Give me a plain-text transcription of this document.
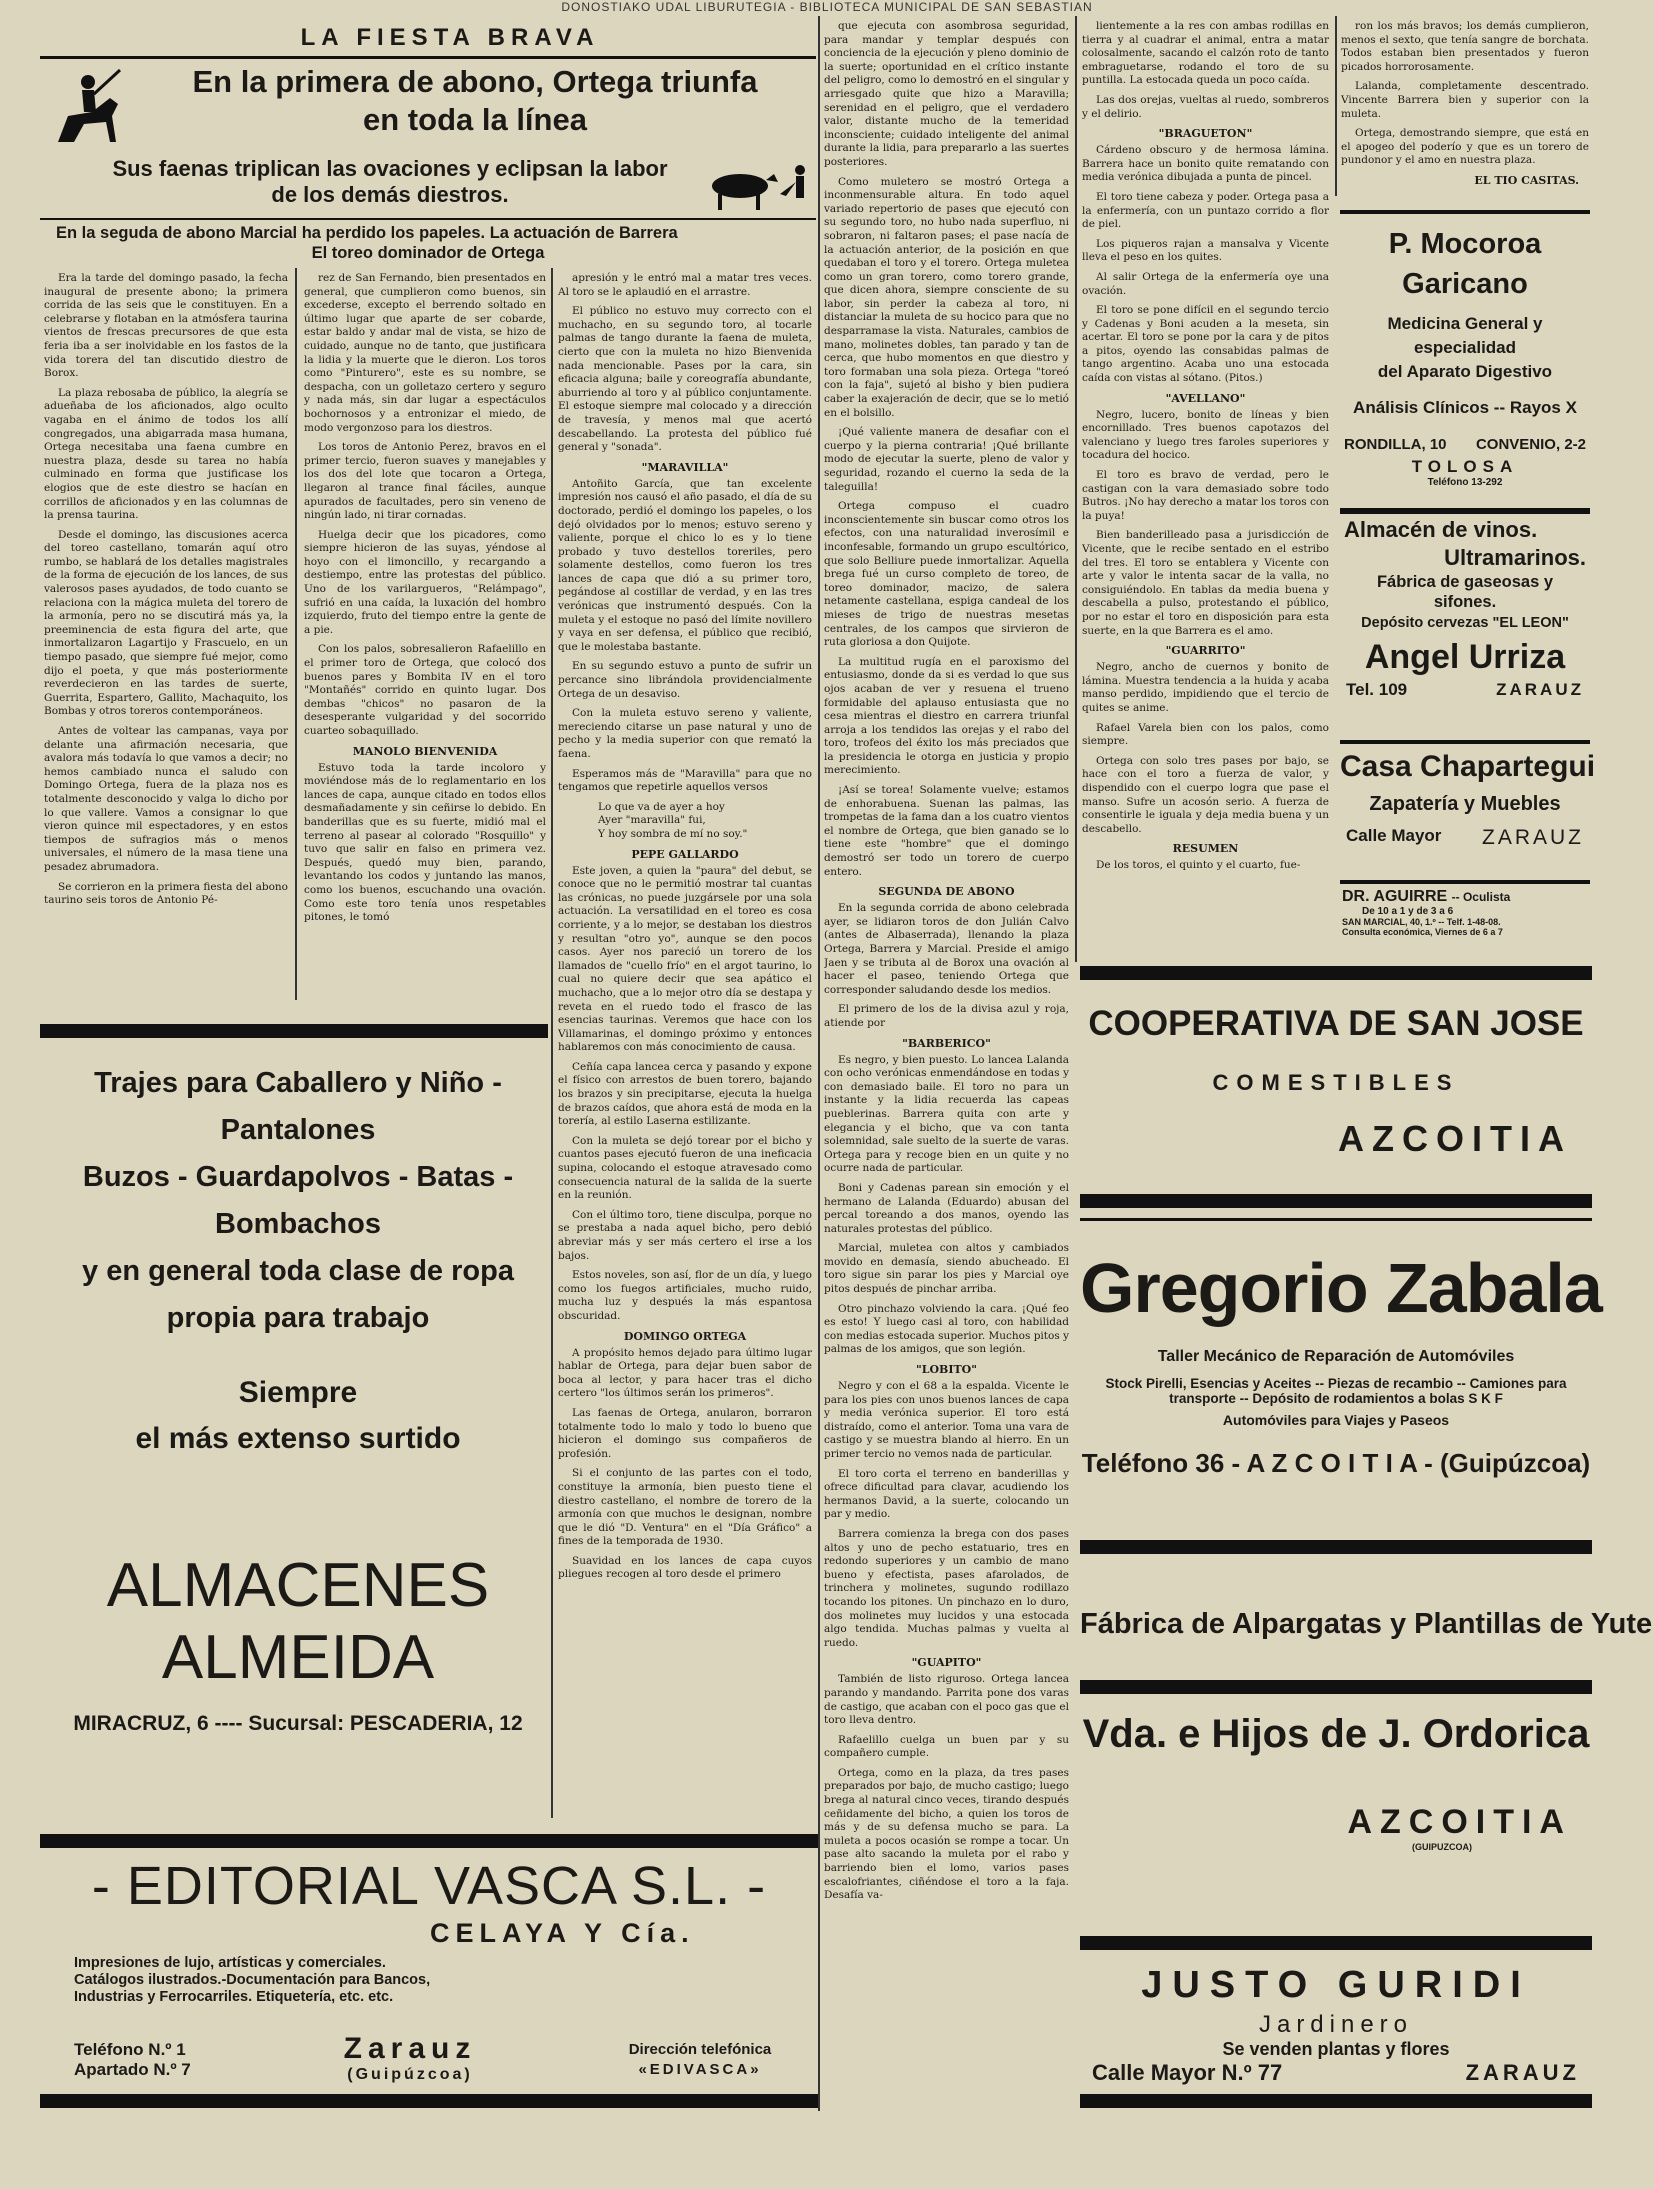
DONOSTIAKO UDAL LIBURUTEGIA - BIBLIOTECA MUNICIPAL DE SAN SEBASTIAN
LA FIESTA BRAVA
En la primera de abono, Ortega triunfa
en toda la línea
Sus faenas triplican las ovaciones y eclipsan la labor
de los demás diestros.
En la seguda de abono Marcial ha perdido los papeles. La actuación de Barrera
El toreo dominador de Ortega

Era la tarde del domingo pasado, la fecha inaugural de presente abono; la primera corrida de las seis que le constituyen. En a celebrarse y flotaban en la atmósfera taurina vientos de frescas precursores de que esta feria iba a ser inolvidable en los fastos de la vida torera del tan discutido diestro de Borox.

La plaza rebosaba de público, la alegría se adueñaba de los aficionados, algo oculto vagaba en el ánimo de todos los allí congregados, una abigarrada masa humana, Ortega necesitaba una faena cumbre en nuestra plaza, desde su tarea no había culminado en forma que justificase los elogios que de este diestro se hacían en corrillos de aficionados y en las columnas de la prensa taurina.

Desde el domingo, las discusiones acerca del toreo castellano, tomarán aquí otro rumbo, se hablará de los detalles magistrales de la forma de ejecución de los lances, de sus valerosos pases ayudados, de todo cuanto se relaciona con la mágica muleta del torero de la armonía, pero no se discutirá más ya, la preeminencia de esta figura del arte, que inmortalizaron Lagartijo y Frascuelo, en un tiempo pasado, que siempre fué mejor, como dijo el poeta, y que más posteriormente reverdecieron en las tardes de suerte, Guerrita, Espartero, Gallito, Machaquito, los Bombas y otros toreros contemporáneos.

Antes de voltear las campanas, vaya por delante una afirmación necesaria, que avalora más todavía lo que vamos a decir; no hemos cambiado nunca el saludo con Domingo Ortega, fuera de la plaza nos es totalmente desconocido y valga lo dicho por lo que vallere. Vamos a consignar lo que vieron quince mil espectadores, y en estos tiempos de sufragios más o menos universales, el número de la masa tiene una pesadez abrumadora.

Se corrieron en la primera fiesta del abono taurino seis toros de Antonio Pé-

rez de San Fernando, bien presentados en general, que cumplieron como buenos, sin excederse, excepto el berrendo soltado en último lugar que aparte de ser cobarde, estar baldo y andar mal de vista, se hizo de cuidado, aunque no de tanto, que justificara la lidia y la muerte que le dieron. Los toros como "Pinturero", este es su nombre, se despacha, con un golletazo certero y seguro y nada más, sin dar lugar a espectáculos bochornosos y a entronizar el miedo, de modo vergonzoso para los diestros.

Los toros de Antonio Perez, bravos en el primer tercio, fueron suaves y manejables y los dos del lote que tocaron a Ortega, llegaron al trance final fáciles, aunque apurados de facultades, pero sin veneno de ningún lado, ni tirar cornadas.

Huelga decir que los picadores, como siempre hicieron de las suyas, yéndose al hoyo con el limoncillo, y recargando a destiempo, entre las protestas del público. Uno de los varilargueros, "Relámpago", sufrió en una caída, la luxación del hombro izquierdo, fruto del tiempo entre la gente de a pie.

Con los palos, sobresalieron Rafaelillo en el primer toro de Ortega, que colocó dos buenos pares y Bombita IV en el toro "Montañés" corrido en quinto lugar. Dos dembas "chicos" no pasaron de la desesperante vulgaridad y del socorrido cuarteo sobaquillado.

MANOLO BIENVENIDA

Estuvo toda la tarde incoloro y moviéndose más de lo reglamentario en los lances de capa, aunque citado en todos ellos desmañadamente y sin ceñirse lo debido. En banderillas que es su fuerte, midió mal el terreno al pasear al colorado "Rosquillo" y tuvo que salir en falso en primera vez. Después, quedó muy bien, parando, levantando los codos y juntando las manos, como los buenos, escuchando una ovación. Como este toro tenía unos respetables pitones, le tomó

apresión y le entró mal a matar tres veces. Al toro se le aplaudió en el arrastre.

El público no estuvo muy correcto con el muchacho, en su segundo toro, al tocarle palmas de tango durante la faena de muleta, cierto que con la muleta no hizo Bienvenida nada mencionable. Pases por la cara, sin eficacia alguna; baile y coreografía abundante, aburriendo al toro y al público conjuntamente. El estoque siempre mal colocado y a dirección de travesía, y menos mal que acertó descabellando. La protesta del público fué general y "sonada".

"MARAVILLA"

Antoñito García, que tan excelente impresión nos causó el año pasado, el día de su doctorado, perdió el domingo los papeles, o los dejó olvidados por lo menos; estuvo sereno y valiente, porque el chico lo es y lo tiene probado y tuvo destellos toreriles, pero solamente destellos, como fueron los tres lances de capa que dió a su primer toro, pegándose al costillar de verdad, y en las tres verónicas que instrumentó después. Con la muleta y el estoque no pasó del límite novillero y vaya en ser defensa, el público que recibió, que le molestaba bastante.

En su segundo estuvo a punto de sufrir un percance sino librándola providencialmente Ortega de un desaviso.

Con la muleta estuvo sereno y valiente, mereciendo citarse un pase natural y uno de pecho y la media superior con que remató la faena.

Esperamos más de "Maravilla" para que no tengamos que repetirle aquellos versos

Lo que va de ayer a hoy

Ayer "maravilla" fui,

Y hoy sombra de mí no soy."

PEPE GALLARDO

Este joven, a quien la "paura" del debut, se conoce que no le permitió mostrar tal cuantas las crónicas, no puede juzgársele por una sola actuación. La versatilidad en el toreo es cosa corriente, y a lo mejor, se destaban los diestros y resultan "otro yo", aunque se den pocos casos. Ayer nos pareció un torero de los llamados de "cuello frío" en el argot taurino, lo cual no quiere decir que sea apático el muchacho, que a lo mejor otro día se destapa y reveta en el ruedo todo el frasco de las esencias taurinas. Veremos que hace con los Villamarinas, el domingo próximo y entonces hablaremos con más conocimiento de causa.

Ceñía capa lancea cerca y pasando y expone el físico con arrestos de buen torero, bajando los brazos y sin precipitarse, ejecuta la huelga de brazos caídos, que ahora está de moda en la torería, al estilo Laserna estilizante.

Con la muleta se dejó torear por el bicho y cuantos pases ejecutó fueron de una ineficacia supina, colocando el estoque atravesado como consecuencia natural de la salida de la suerte en la reunión.

Con el último toro, tiene disculpa, porque no se prestaba a nada aquel bicho, pero debió abreviar más y ser más certero el irse a los bajos.

Estos noveles, son así, flor de un día, y luego como los fuegos artificiales, mucho ruido, mucha luz y después la más espantosa obscuridad.

DOMINGO ORTEGA

A propósito hemos dejado para último lugar hablar de Ortega, para dejar buen sabor de boca al lector, y para hacer tras el dicho certero "los últimos serán los primeros".

Las faenas de Ortega, anularon, borraron totalmente todo lo malo y todo lo bueno que hicieron el domingo sus compañeros de profesión.

Si el conjunto de las partes con el todo, constituye la armonía, bien puesto tiene el diestro castellano, el nombre de torero de la armonía con que muchos le designan, nombre que le dió "D. Ventura" en el "Día Gráfico" a fines de la temporada de 1930.

Suavidad en los lances de capa cuyos pliegues recogen al toro desde el primero

que ejecuta con asombrosa seguridad, para mandar y templar después con conciencia de la ejecución y pleno dominio de la suerte; oportunidad en el crítico instante del peligro, como lo demostró en el singular y arriesgado quite que hizo a Maravilla; serenidad en el peligro, que el verdadero valor, distante mucho de la temeridad inconsciente; cuidado inteligente del animal durante la lidia, para prepararlo a las suertes posteriores.

Como muletero se mostró Ortega a inconmensurable altura. En todo aquel variado repertorio de pases que ejecutó con su segundo toro, no hubo nada superfluo, ni sobraron, ni faltaron pases; el pase nacía de la actuación anterior, de la posición en que quedaban el toro y el torero. Ortega muletea como un gran torero, como torero grande, que dicen ahora, siempre consciente de su labor, sin perder la cabeza al toro, ni distanciar la muleta de su hocico para que no desparramase la vista. Naturales, cambios de mano, molinetes dobles, tan parado y tan de cerca, que hubo momentos en que diestro y toro formaban una sola pieza. Ortega "toreó con la faja", sujetó al bisho y bien pudiera caber la exajeración de decir, que se lo metió en el bolsillo.

¡Qué valiente manera de desafiar con el cuerpo y la pierna contraria! ¡Qué brillante modo de ejecutar la suerte, pleno de valor y seguridad, rozando el cuerno la seda de la taleguilla!

Ortega compuso el cuadro inconscientemente sin buscar como otros los efectos, con una naturalidad inverosímil e inconfesable, formando un grupo escultórico, que solo Belliure puede inmortalizar. Aquella brega fué un curso completo de toreo, de toreo dominador, macizo, de salera netamente castellana, espiga candeal de los mieses de trigo de nuestras mesetas centrales, de los campos que sirvieron de ruta gloriosa a don Quijote.

La multitud rugía en el paroxismo del entusiasmo, donde da si es verdad lo que sus ojos acaban de ver y resuena el trueno formidable del aplauso entusiasta que no cesa mientras el diestro en carrera triunfal arroja a los tendidos las orejas y el rabo del toro, trofeos del éxito los más preciados que la presidencia le otorga en justicia y propio merecimiento.

¡Así se torea! Solamente vuelve; estamos de enhorabuena. Suenan las palmas, las trompetas de la fama dan a los cuatro vientos el nombre de Ortega, que bien ganado se lo tiene este "hombre" que el domingo demostró ser todo un torero de cuerpo entero.

SEGUNDA DE ABONO

En la segunda corrida de abono celebrada ayer, se lidiaron toros de don Julián Calvo (antes de Albaserrada), llenando la plaza Ortega, Barrera y Marcial. Preside el amigo Jaen y se tributa al de Borox una ovación al hacer el paseo, teniendo Ortega que corresponder saludando desde los medios.

El primero de los de la divisa azul y roja, atiende por

"BARBERICO"

Es negro, y bien puesto. Lo lancea Lalanda con ocho verónicas enmendándose en todas y con demasiado baile. El toro no para un instante y la lidia recuerda las capeas pueblerinas. Barrera quita con arte y elegancia y el bicho, que va con tanta solemnidad, sale suelto de la suerte de varas. Ortega para y recoge bien en un quite y no ocurre nada de particular.

Boni y Cadenas parean sin emoción y el hermano de Lalanda (Eduardo) abusan del percal toreando a dos manos, oyendo las naturales protestas del público.

Marcial, muleteа con altos y cambiados movido en demasía, siendo abucheado. El toro sigue sin parar los pies y Marcial oye pitos después de pinchar arriba.

Otro pinchazo volviendo la cara. ¡Qué feo es esto! Y luego casi al toro, con habilidad con medias estocada superior. Muchos pitos y palmas de los amigos, que son legión.

"LOBITO"

Negro y con el 68 a la espalda. Vicente le para los pies con unos buenos lances de capa y media verónica superior. El toro está distraído, como el anterior. Toma una vara de castigo y se muestra blando al hierro. En un primer tercio no vemos nada de particular.

El toro corta el terreno en banderillas y ofrece dificultad para clavar, acudiendo los hermanos David, a la suerte, colocando un par y medio.

Barrera comienza la brega con dos pases altos y uno de pecho estatuario, tres en redondo superiores y un cambio de mano bueno y efectista, pases afarolados, de trinchera y molinetes, sugundo rodillazo tocando los pitones. Un pinchazo en lo duro, dos molinetes muy lucidos y una estocada algo tendida. Muchas palmas y vuelta al ruedo.

"GUAPITO"

También de listo riguroso. Ortega lancea parando y mandando. Parrita pone dos varas de castigo, que acaban con el poco gas que el toro lleva dentro.

Rafaelillo cuelga un buen par y su compañero cumple.

Ortega, como en la plaza, da tres pases preparados por bajo, de mucho castigo; luego brega al natural cinco veces, tirando después ceñidamente del bicho, a quien los toros de más y de su defensa mucho se para. La muleta a pocos ocasión se rompe a tocar. Un pase alto sacando la muleta por el rabo y barriendo bien el lomo, varios pases escalofriantes, ciñéndose el toro a la faja. Desafía va-

lientemente a la res con ambas rodillas en tierra y al cuadrar el animal, entra a matar colosalmente, sacando el calzón roto de tanto embraguetarse, rodando el toro de su puntilla. La estocada queda un poco caída.

Las dos orejas, vueltas al ruedo, sombreros y el delirio.

"BRAGUETON"

Cárdeno obscuro y de hermosa lámina. Barrera hace un bonito quite rematando con media verónica dibujada a punta de pincel.

El toro tiene cabeza y poder. Ortega pasa a la enfermería, con un puntazo corrido a flor de piel.

Los piqueros rajan a mansalva y Vicente lleva el peso en los quites.

Al salir Ortega de la enfermería oye una ovación.

El toro se pone difícil en el segundo tercio y Cadenas y Boni acuden a la meseta, sin acertar. El toro se pone por la cara y de pitos a pitos, oyendo las consabidas palmas de tango argentino. Acaba uno una estocada caída con vistas al sótano. (Pitos.)

"AVELLANO"

Negro, lucero, bonito de líneas y bien encornillado. Tres buenos capotazos del valenciano y luego tres faroles superiores y tocadura del hocico.

El toro es bravo de verdad, pero le castigan con la vara demasiado sobre todo Butros. ¡No hay derecho a matar los toros con la puya!

Bien banderilleado pasa a jurisdicción de Vicente, que le recibe sentado en el estribo del tres. El toro se entablera y Vicente con arte y valor le intenta sacar de la valla, no consiguiéndolo. En tablas da media buena y descabella a pulso, protestando el público, por no estar el toro en disposición para esta suerte, en la que Barrera es el amo.

"GUARRITO"

Negro, ancho de cuernos y bonito de lámina. Muestra tendencia a la huida y acaba manso perdido, impidiendo que el tercio de quites se anime.

Rafael Varela bien con los palos, como siempre.

Ortega con solo tres pases por bajo, se hace con el toro a fuerza de valor, y dispendido con el cuerpo logra que pase el manso. Sufre un acosón serio. A fuerza de consentirle le iguala y deja media buena y un descabello.

RESUMEN

De los toros, el quinto y el cuarto, fue-

ron los más bravos; los demás cumplieron, menos el sexto, que tenía sangre de borchata. Todos estaban bien presentados y fueron picados horrorosamente.

Lalanda, completamente descentrado. Vincente Barrera bien y superior con la muleta.

Ortega, demostrando siempre, que está en el apogeo del poderío y que es un torero de pundonor y el amo en nuestra plaza.

EL TIO CASITAS.
Trajes para Caballero y Niño - Pantalones
Buzos - Guardapolvos - Batas - Bombachos
y en general toda clase de ropa
propia para trabajo
Siempre
el más extenso surtido
ALMACENES
ALMEIDA
MIRACRUZ, 6 ---- Sucursal: PESCADERIA, 12
- EDITORIAL VASCA S.L. -
CELAYA Y Cía.
Impresiones de lujo, artísticas y comerciales.
Catálogos ilustrados.-Documentación para Bancos,
Industrias y Ferrocarriles. Etiquetería, etc. etc.
Teléfono N.º 1
Apartado N.º 7
Zarauz
(Guipúzcoa)
Dirección telefónica
«EDIVASCA»
P. Mocoroa Garicano
Medicina General y especialidad
del Aparato Digestivo
Análisis Clínicos -- Rayos X
RONDILLA, 10 CONVENIO, 2-2
TOLOSA
Teléfono 13-292
Almacén de vinos.
Ultramarinos.
Fábrica de gaseosas y
sifones.
Depósito cervezas "EL LEON"
Angel Urriza
Tel. 109	ZARAUZ
Casa Chapartegui
Zapatería y Muebles
Calle Mayor ZARAUZ
DR. AGUIRRE -- Oculista
De 10 a 1 y de 3 a 6
SAN MARCIAL, 40, 1.º -- Telf. 1-48-08.
Consulta económica, Viernes de 6 a 7
COOPERATIVA DE SAN JOSE
COMESTIBLES
AZCOITIA
Gregorio Zabala
Taller Mecánico de Reparación de Automóviles
Stock Pirelli, Esencias y Aceites -- Piezas de recambio -- Camiones para
transporte -- Depósito de rodamientos a bolas S K F
Automóviles para Viajes y Paseos
Teléfono 36 - A Z C O I T I A - (Guipúzcoa)
Fábrica de Alpargatas y Plantillas de Yute
Vda. e Hijos de J. Ordorica
AZCOITIA
(GUIPUZCOA)
JUSTO GURIDI
Jardinero
Se venden plantas y flores
Calle Mayor N.º 77	ZARAUZ
